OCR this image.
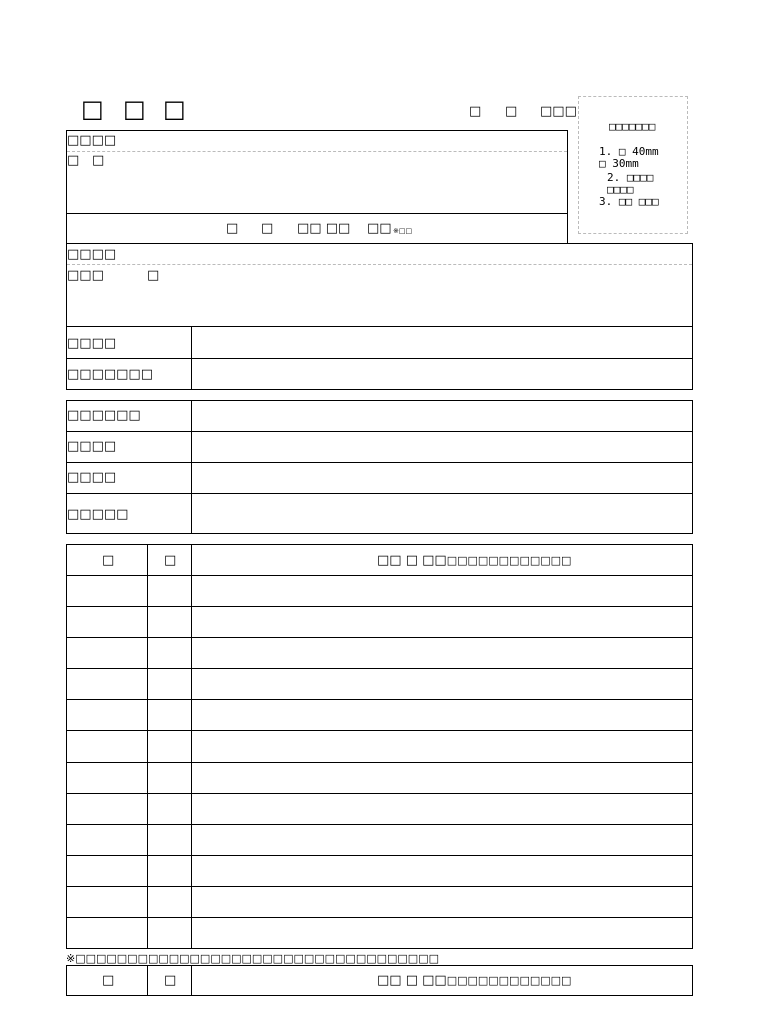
□ □ □	□ □ □□□
□□□□□□□
1. □ 40mm
□ 30mm
2. □□□□
□□□□
3. □□ □□□
□□□□
□ □
□ □ □□ □□ □□ ※□□
□□□□
□□□	□
□□□□
□□□□□□□
□□□□□□
□□□□
□□□□
□□□□□
□	□	□□ □ □□□□□□□□□□□□□□
※□□□□□□□□□□□□□□□□□□□□□□□□□□□□□□□□□□□
□	□	□□ □ □□□□□□□□□□□□□□
